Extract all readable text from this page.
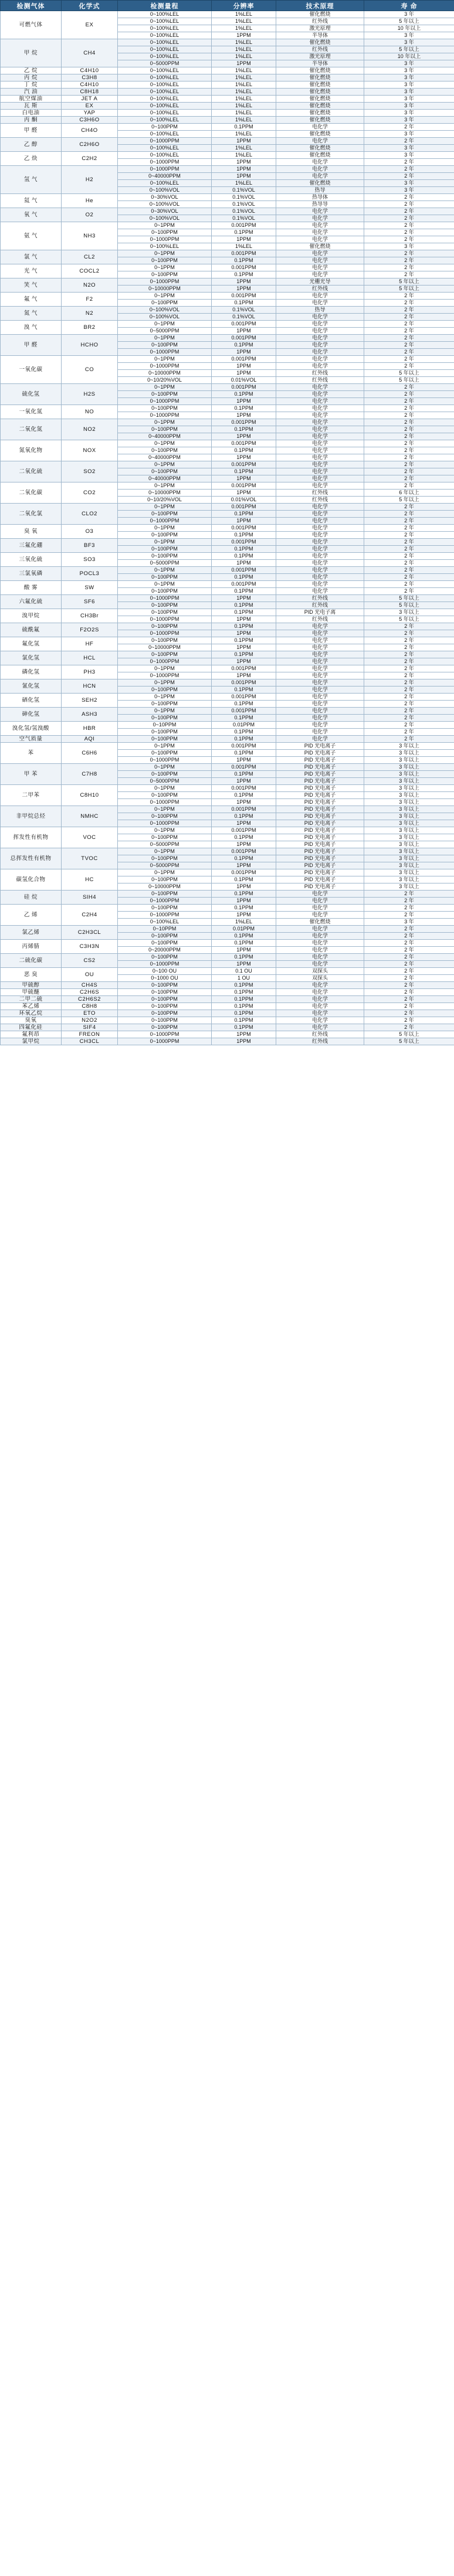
检测气体	化学式	检测量程	分辨率	技术原理	寿 命
可燃气体	EX	0~100%LEL	1%LEL	催化燃烧	3 年
		0~100%LEL	1%LEL	红外线	5 年以上
		0~100%LEL	1%LEL	激光原理	10 年以上
		0~100%LEL	1PPM	半导体	3 年
甲 烷	CH4	0~100%LEL	1%LEL	催化燃烧	3 年
		0~100%LEL	1%LEL	红外线	5 年以上
		0~100%LEL	1%LEL	激光原理	10 年以上
		0~5000PPM	1PPM	半导体	3 年
乙 烷	C4H10	0~100%LEL	1%LEL	催化燃烧	3 年
丙 烷	C3H8	0~100%LEL	1%LEL	催化燃烧	3 年
丁 烷	C4H10	0~100%LEL	1%LEL	催化燃烧	3 年
汽 油	C8H18	0~100%LEL	1%LEL	催化燃烧	3 年
航空煤油	JET A	0~100%LEL	1%LEL	催化燃烧	3 年
瓦 斯	EX	0~100%LEL	1%LEL	催化燃烧	3 年
白电油	YAP	0~100%LEL	1%LEL	催化燃烧	3 年
丙 酮	C3H6O	0~100%LEL	1%LEL	催化燃烧	3 年
甲 醛	CH4O	0~100PPM	0.1PPM	电化学	2 年
		0~100%LEL	1%LEL	催化燃烧	3 年
乙 醇	C2H6O	0~1000PPM	1PPM	电化学	2 年
		0~100%LEL	1%LEL	催化燃烧	3 年
乙 炔	C2H2	0~100%LEL	1%LEL	催化燃烧	3 年
		0~1000PPM	1PPM	电化学	2 年
氢 气	H2	0~1000PPM	1PPM	电化学	2 年
		0~40000PPM	1PPM	电化学	2 年
		0~100%LEL	1%LEL	催化燃烧	3 年
		0~100%VOL	0.1%VOL	热导	3 年
氦 气	He	0~30%VOL	0.1%VOL	热导体	2 年
		0~100%VOL	0.1%VOL	热导导	2 年
氧 气	O2	0~30%VOL	0.1%VOL	电化学	2 年
		0~100%VOL	0.1%VOL	电化学	2 年
氨 气	NH3	0~1PPM	0.001PPM	电化学	2 年
		0~100PPM	0.1PPM	电化学	2 年
		0~1000PPM	1PPM	电化学	2 年
		0~100%LEL	1%LEL	催化燃烧	3 年
氯 气	CL2	0~1PPM	0.001PPM	电化学	2 年
		0~100PPM	0.1PPM	电化学	2 年
光 气	COCL2	0~1PPM	0.001PPM	电化学	2 年
		0~100PPM	0.1PPM	电化学	2 年
笑 气	N2O	0~1000PPM	1PPM	光栅光导	5 年以上
		0~10000PPM	1PPM	红外线	5 年以上
氟 气	F2	0~1PPM	0.001PPM	电化学	2 年
		0~100PPM	0.1PPM	电化学	2 年
氮 气	N2	0~100%VOL	0.1%VOL	热导	2 年
		0~100%VOL	0.1%VOL	电化学	2 年
溴 气	BR2	0~1PPM	0.001PPM	电化学	2 年
		0~5000PPM	1PPM	电化学	2 年
甲 醛	HCHO	0~1PPM	0.001PPM	电化学	2 年
		0~100PPM	0.1PPM	电化学	2 年
		0~1000PPM	1PPM	电化学	2 年
一氧化碳	CO	0~1PPM	0.001PPM	电化学	2 年
		0~1000PPM	1PPM	电化学	2 年
		0~10000PPM	1PPM	红外线	5 年以上
		0~10/20%VOL	0.01%VOL	红外线	5 年以上
硫化氢	H2S	0~1PPM	0.001PPM	电化学	2 年
		0~100PPM	0.1PPM	电化学	2 年
		0~1000PPM	1PPM	电化学	2 年
一氧化氮	NO	0~100PPM	0.1PPM	电化学	2 年
		0~1000PPM	1PPM	电化学	2 年
二氧化氮	NO2	0~1PPM	0.001PPM	电化学	2 年
		0~100PPM	0.1PPM	电化学	2 年
		0~40000PPM	1PPM	电化学	2 年
氮氧化物	NOX	0~1PPM	0.001PPM	电化学	2 年
		0~100PPM	0.1PPM	电化学	2 年
		0~40000PPM	1PPM	电化学	2 年
二氧化硫	SO2	0~1PPM	0.001PPM	电化学	2 年
		0~100PPM	0.1PPM	电化学	2 年
		0~40000PPM	1PPM	电化学	2 年
二氧化碳	CO2	0~1PPM	0.001PPM	电化学	2 年
		0~10000PPM	1PPM	红外线	6 年以上
		0~10/20%VOL	0.01%VOL	红外线	5 年以上
二氧化氯	CLO2	0~1PPM	0.001PPM	电化学	2 年
		0~100PPM	0.1PPM	电化学	2 年
		0~1000PPM	1PPM	电化学	2 年
臭 氧	O3	0~1PPM	0.001PPM	电化学	2 年
		0~100PPM	0.1PPM	电化学	2 年
三氟化硼	BF3	0~1PPM	0.001PPM	电化学	2 年
		0~100PPM	0.1PPM	电化学	2 年
三氧化硫	SO3	0~100PPM	0.1PPM	电化学	2 年
		0~5000PPM	1PPM	电化学	2 年
三氯氧磷	POCL3	0~1PPM	0.001PPM	电化学	2 年
		0~100PPM	0.1PPM	电化学	2 年
酸 雾	SW	0~1PPM	0.001PPM	电化学	2 年
		0~100PPM	0.1PPM	电化学	2 年
六氟化硫	SF6	0~1000PPM	1PPM	红外线	5 年以上
		0~100PPM	0.1PPM	红外线	5 年以上
溴甲烷	CH3Br	0~100PPM	0.1PPM	PID 光电子离	3 年以上
		0~1000PPM	1PPM	红外线	5 年以上
硫酰氟	F2O2S	0~100PPM	0.1PPM	电化学	2 年
		0~1000PPM	1PPM	电化学	2 年
氟化氢	HF	0~100PPM	0.1PPM	电化学	2 年
		0~10000PPM	1PPM	电化学	2 年
氯化氢	HCL	0~100PPM	0.1PPM	电化学	2 年
		0~1000PPM	1PPM	电化学	2 年
磷化氢	PH3	0~1PPM	0.001PPM	电化学	2 年
		0~1000PPM	1PPM	电化学	2 年
氰化氢	HCN	0~1PPM	0.001PPM	电化学	2 年
		0~100PPM	0.1PPM	电化学	2 年
硒化氢	SEH2	0~1PPM	0.001PPM	电化学	2 年
		0~100PPM	0.1PPM	电化学	2 年
砷化氢	ASH3	0~1PPM	0.001PPM	电化学	2 年
		0~100PPM	0.1PPM	电化学	2 年
溴化氢/氢溴酸	HBR	0~10PPM	0.01PPM	电化学	2 年
		0~100PPM	0.1PPM	电化学	2 年
空气质量	AQI	0~100PPM	0.1PPM	电化学	2 年
苯	C6H6	0~1PPM	0.001PPM	PID 光电离子	3 年以上
		0~100PPM	0.1PPM	PID 光电离子	3 年以上
		0~1000PPM	1PPM	PID 光电离子	3 年以上
甲 苯	C7H8	0~1PPM	0.001PPM	PID 光电离子	3 年以上
		0~100PPM	0.1PPM	PID 光电离子	3 年以上
		0~5000PPM	1PPM	PID 光电离子	3 年以上
二甲苯	C8H10	0~1PPM	0.001PPM	PID 光电离子	3 年以上
		0~100PPM	0.1PPM	PID 光电离子	3 年以上
		0~1000PPM	1PPM	PID 光电离子	3 年以上
非甲烷总烃	NMHC	0~1PPM	0.001PPM	PID 光电离子	3 年以上
		0~100PPM	0.1PPM	PID 光电离子	3 年以上
		0~1000PPM	1PPM	PID 光电离子	3 年以上
挥发性有机物	VOC	0~1PPM	0.001PPM	PID 光电离子	3 年以上
		0~100PPM	0.1PPM	PID 光电离子	3 年以上
		0~5000PPM	1PPM	PID 光电离子	3 年以上
总挥发性有机物	TVOC	0~1PPM	0.001PPM	PID 光电离子	3 年以上
		0~100PPM	0.1PPM	PID 光电离子	3 年以上
		0~5000PPM	1PPM	PID 光电离子	3 年以上
碳氢化合物	HC	0~1PPM	0.001PPM	PID 光电离子	3 年以上
		0~100PPM	0.1PPM	PID 光电离子	3 年以上
		0~10000PPM	1PPM	PID 光电离子	3 年以上
硅 烷	SIH4	0~100PPM	0.1PPM	电化学	2 年
		0~1000PPM	1PPM	电化学	2 年
乙 烯	C2H4	0~100PPM	0.1PPM	电化学	2 年
		0~1000PPM	1PPM	电化学	2 年
		0~100%LEL	1%LEL	催化燃烧	3 年
氯乙烯	C2H3CL	0~10PPM	0.01PPM	电化学	2 年
		0~100PPM	0.1PPM	电化学	2 年
丙烯腈	C3H3N	0~100PPM	0.1PPM	电化学	2 年
		0~20000PPM	1PPM	电化学	2 年
二硫化碳	CS2	0~100PPM	0.1PPM	电化学	2 年
		0~1000PPM	1PPM	电化学	2 年
恶 臭	OU	0~100 OU	0.1 OU	双探头	2 年
		0~1000 OU	1 OU	双探头	2 年
甲硫醇	CH4S	0~100PPM	0.1PPM	电化学	2 年
甲硫醚	C2H6S	0~100PPM	0.1PPM	电化学	2 年
二甲二硫	C2H6S2	0~100PPM	0.1PPM	电化学	2 年
苯乙烯	C8H8	0~100PPM	0.1PPM	电化学	2 年
环氧乙烷	ETO	0~100PPM	0.1PPM	电化学	2 年
臭氧	N2O2	0~100PPM	0.1PPM	电化学	2 年
四氟化硅	SIF4	0~100PPM	0.1PPM	电化学	2 年
氟利昂	FREON	0~1000PPM	1PPM	红外线	5 年以上
氯甲烷	CH3CL	0~1000PPM	1PPM	红外线	5 年以上
